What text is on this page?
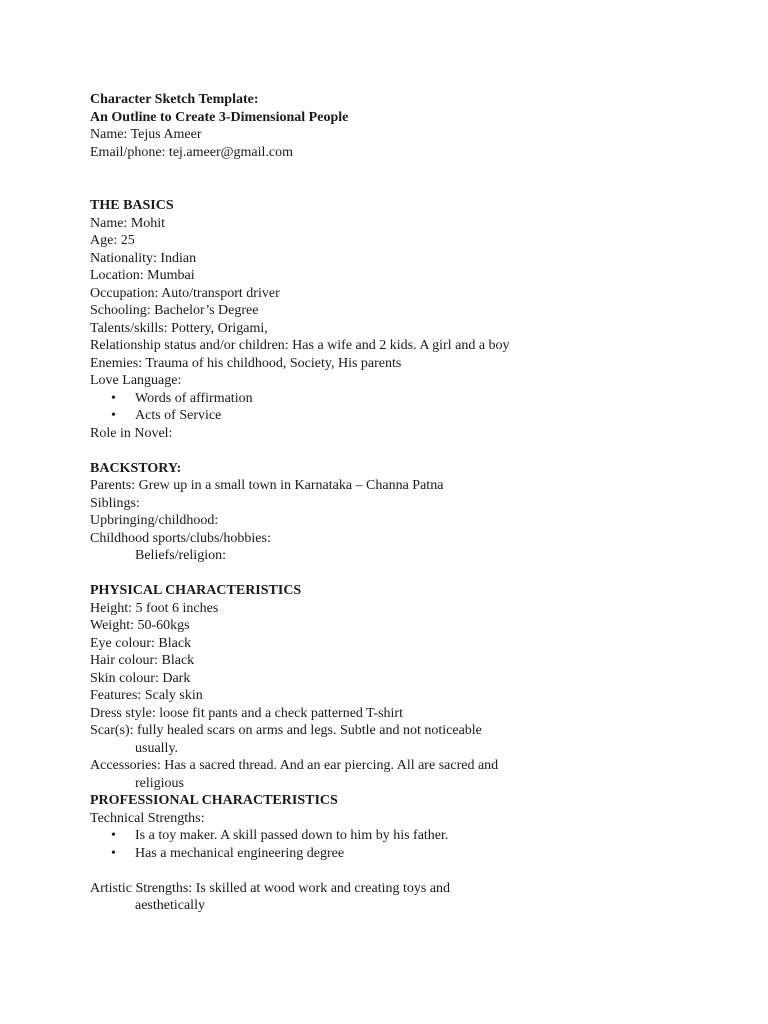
Character Sketch Template:
An Outline to Create 3-Dimensional People
Name: Tejus Ameer
Email/phone: tej.ameer@gmail.com
THE BASICS
Name: Mohit
Age: 25
Nationality: Indian
Location: Mumbai
Occupation: Auto/transport driver
Schooling: Bachelor’s Degree
Talents/skills: Pottery, Origami,
Relationship status and/or children: Has a wife and 2 kids. A girl and a boy
Enemies: Trauma of his childhood, Society, His parents
Love Language:
• Words of affirmation
• Acts of Service
Role in Novel:
BACKSTORY:
Parents: Grew up in a small town in Karnataka – Channa Patna
Siblings:
Upbringing/childhood:
Childhood sports/clubs/hobbies:
Beliefs/religion:
PHYSICAL CHARACTERISTICS
Height: 5 foot 6 inches
Weight: 50-60kgs
Eye colour: Black
Hair colour: Black
Skin colour: Dark
Features: Scaly skin
Dress style: loose fit pants and a check patterned T-shirt
Scar(s): fully healed scars on arms and legs. Subtle and not noticeable
usually.
Accessories: Has a sacred thread. And an ear piercing. All are sacred and
religious
PROFESSIONAL CHARACTERISTICS
Technical Strengths:
• Is a toy maker. A skill passed down to him by his father.
• Has a mechanical engineering degree
Artistic Strengths: Is skilled at wood work and creating toys and
aesthetically
